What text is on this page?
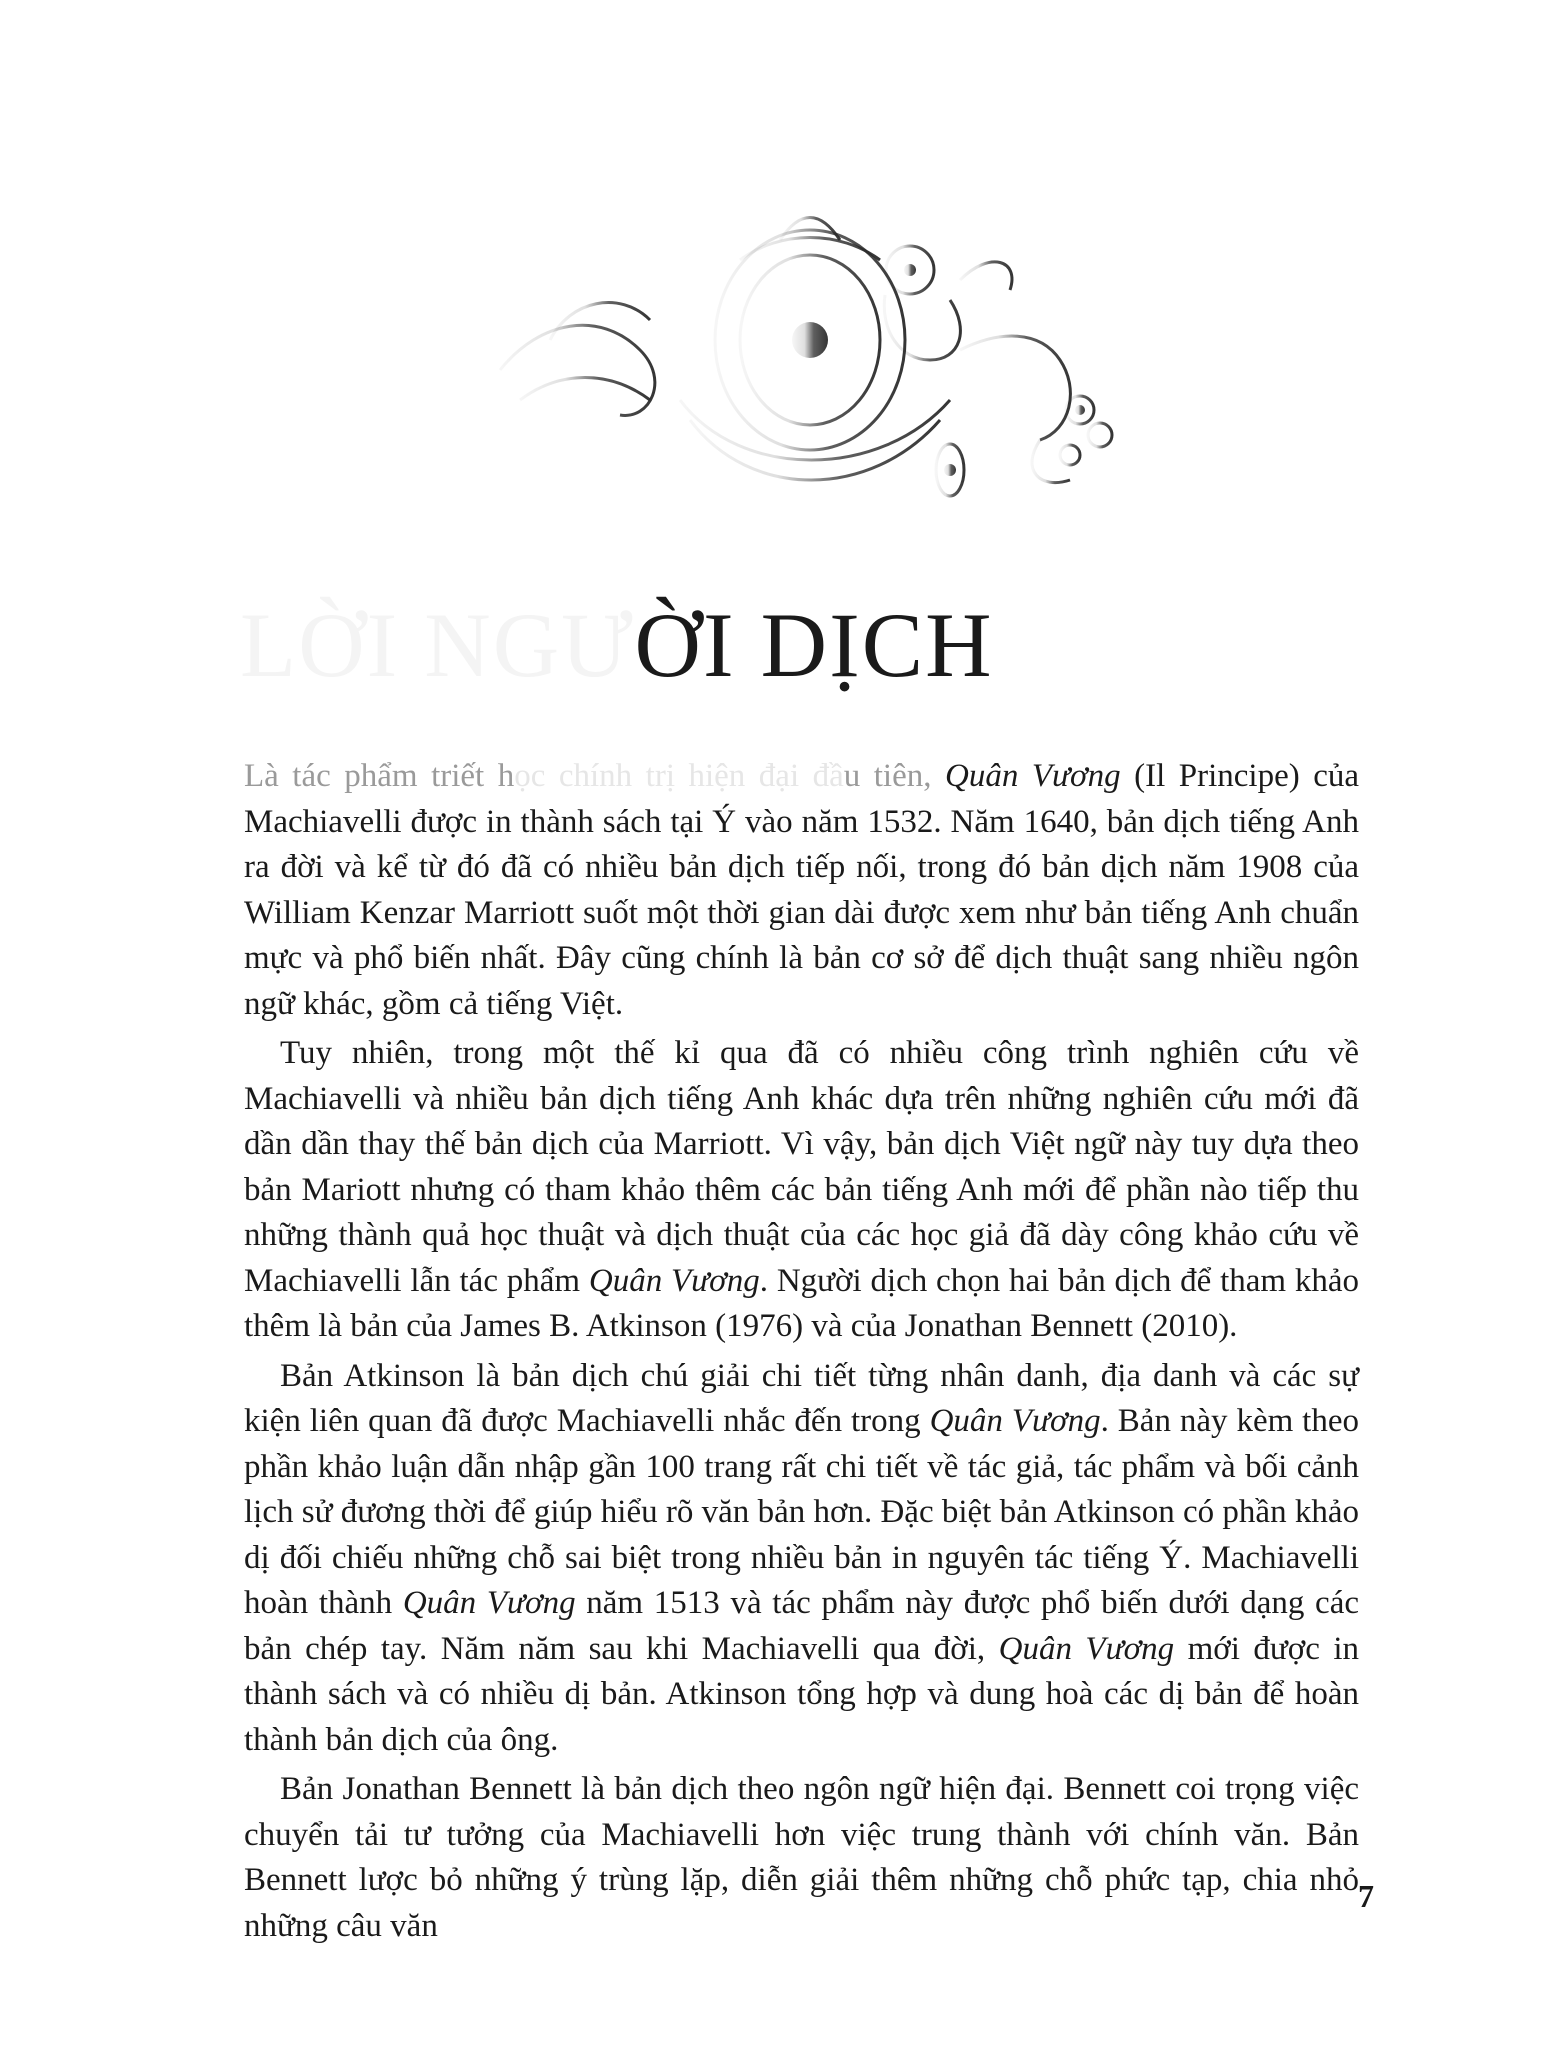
LỜI NGƯỜI DỊCH

Là tác phẩm triết học chính trị hiện đại đầu tiên, Quân Vương (Il Principe) của Machiavelli được in thành sách tại Ý vào năm 1532. Năm 1640, bản dịch tiếng Anh ra đời và kể từ đó đã có nhiều bản dịch tiếp nối, trong đó bản dịch năm 1908 của William Kenzar Marriott suốt một thời gian dài được xem như bản tiếng Anh chuẩn mực và phổ biến nhất. Đây cũng chính là bản cơ sở để dịch thuật sang nhiều ngôn ngữ khác, gồm cả tiếng Việt.

Tuy nhiên, trong một thế kỉ qua đã có nhiều công trình nghiên cứu về Machiavelli và nhiều bản dịch tiếng Anh khác dựa trên những nghiên cứu mới đã dần dần thay thế bản dịch của Marriott. Vì vậy, bản dịch Việt ngữ này tuy dựa theo bản Mariott nhưng có tham khảo thêm các bản tiếng Anh mới để phần nào tiếp thu những thành quả học thuật và dịch thuật của các học giả đã dày công khảo cứu về Machiavelli lẫn tác phẩm Quân Vương. Người dịch chọn hai bản dịch để tham khảo thêm là bản của James B. Atkinson (1976) và của Jonathan Bennett (2010).

Bản Atkinson là bản dịch chú giải chi tiết từng nhân danh, địa danh và các sự kiện liên quan đã được Machiavelli nhắc đến trong Quân Vương. Bản này kèm theo phần khảo luận dẫn nhập gần 100 trang rất chi tiết về tác giả, tác phẩm và bối cảnh lịch sử đương thời để giúp hiểu rõ văn bản hơn. Đặc biệt bản Atkinson có phần khảo dị đối chiếu những chỗ sai biệt trong nhiều bản in nguyên tác tiếng Ý. Machiavelli hoàn thành Quân Vương năm 1513 và tác phẩm này được phổ biến dưới dạng các bản chép tay. Năm năm sau khi Machiavelli qua đời, Quân Vương mới được in thành sách và có nhiều dị bản. Atkinson tổng hợp và dung hoà các dị bản để hoàn thành bản dịch của ông.

Bản Jonathan Bennett là bản dịch theo ngôn ngữ hiện đại. Bennett coi trọng việc chuyển tải tư tưởng của Machiavelli hơn việc trung thành với chính văn. Bản Bennett lược bỏ những ý trùng lặp, diễn giải thêm những chỗ phức tạp, chia nhỏ những câu văn

7
